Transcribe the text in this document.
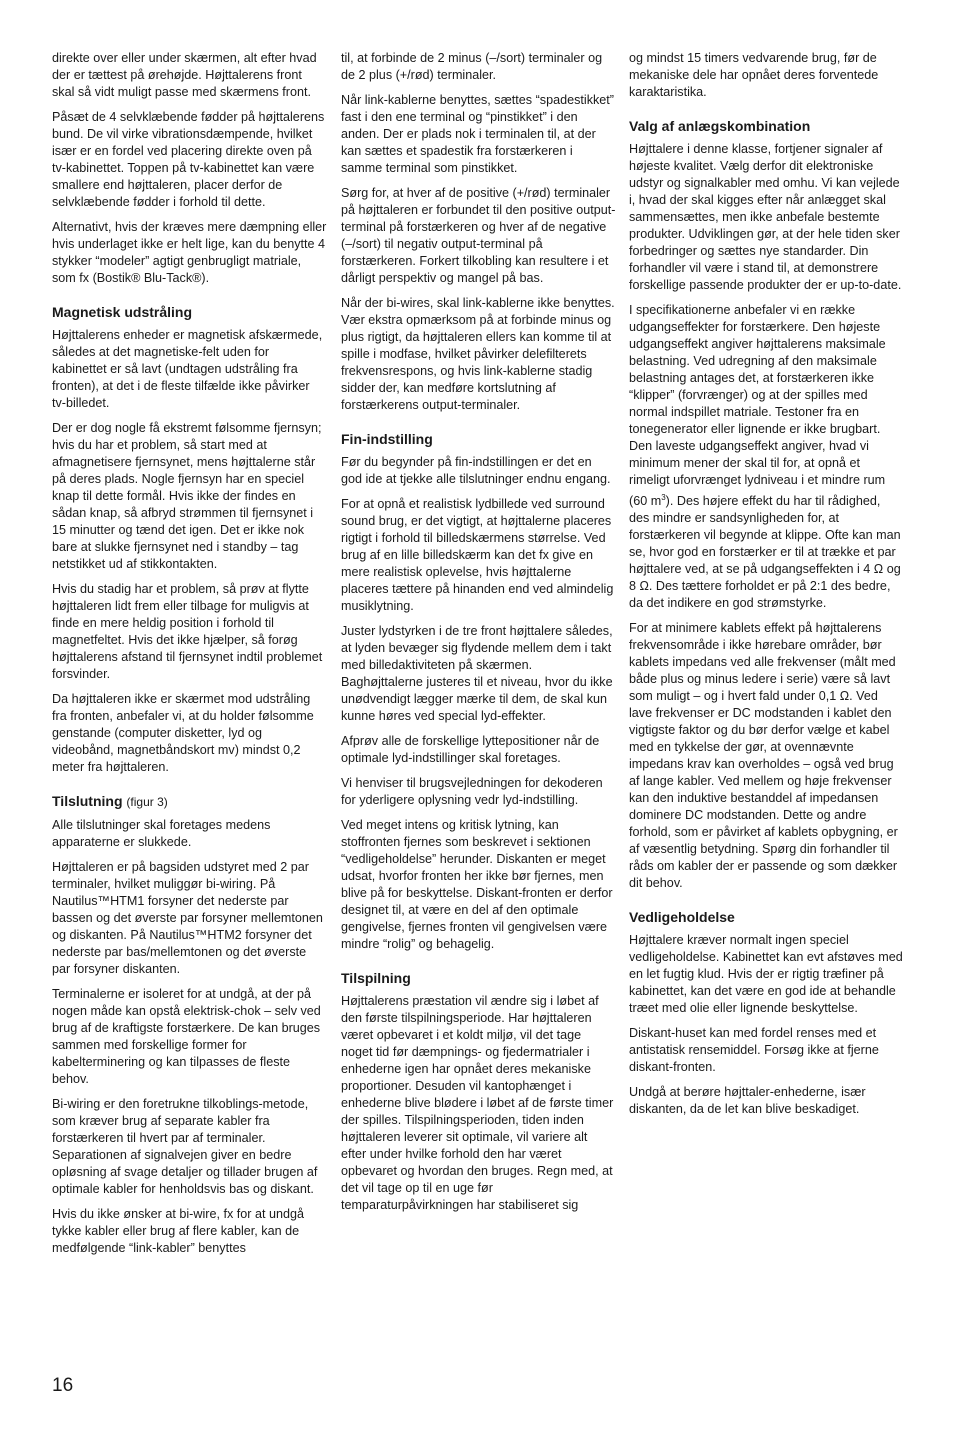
direkte over eller under skærmen, alt efter hvad der er tættest på ørehøjde. Højttalerens front skal så vidt muligt passe med skærmens front.

Påsæt de 4 selvklæbende fødder på højttalerens bund. De vil virke vibrationsdæmpende, hvilket især er en fordel ved placering direkte oven på tv-kabinettet. Toppen på tv-kabinettet kan være smallere end højttaleren, placer derfor de selvklæbende fødder i forhold til dette.

Alternativt, hvis der kræves mere dæmpning eller hvis underlaget ikke er helt lige, kan du benytte 4 stykker “modeler” agtigt genbrugligt matriale, som fx (Bostik® Blu-Tack®).

Magnetisk udstråling

Højttalerens enheder er magnetisk afskærmede, således at det magnetiske-felt uden for kabinettet er så lavt (undtagen udstråling fra fronten), at det i de fleste tilfælde ikke påvirker tv-billedet.

Der er dog nogle få ekstremt følsomme fjernsyn; hvis du har et problem, så start med at afmagnetisere fjernsynet, mens højttalerne står på deres plads. Nogle fjernsyn har en speciel knap til dette formål. Hvis ikke der findes en sådan knap, så afbryd strømmen til fjernsynet i 15 minutter og tænd det igen. Det er ikke nok bare at slukke fjernsynet ned i standby – tag netstikket ud af stikkontakten.

Hvis du stadig har et problem, så prøv at flytte højttaleren lidt frem eller tilbage for muligvis at finde en mere heldig position i forhold til magnetfeltet. Hvis det ikke hjælper, så forøg højttalerens afstand til fjernsynet indtil problemet forsvinder.

Da højttaleren ikke er skærmet mod udstråling fra fronten, anbefaler vi, at du holder følsomme genstande (computer disketter, lyd og videobånd, magnetbåndskort mv) mindst 0,2 meter fra højttaleren.

Tilslutning (figur 3)

Alle tilslutninger skal foretages medens apparaterne er slukkede.

Højttaleren er på bagsiden udstyret med 2 par terminaler, hvilket muliggør bi-wiring. På Nautilus™HTM1 forsyner det nederste par bassen og det øverste par forsyner mellemtonen og diskanten. På Nautilus™HTM2 forsyner det nederste par bas/mellemtonen og det øverste par forsyner diskanten.

Terminalerne er isoleret for at undgå, at der på nogen måde kan opstå elektrisk-chok – selv ved brug af de kraftigste forstærkere. De kan bruges sammen med forskellige former for kabelterminering og kan tilpasses de fleste behov.

Bi-wiring er den foretrukne tilkoblings-metode, som kræver brug af separate kabler fra forstærkeren til hvert par af terminaler. Separationen af signalvejen giver en bedre opløsning af svage detaljer og tillader brugen af optimale kabler for henholdsvis bas og diskant.

Hvis du ikke ønsker at bi-wire, fx for at undgå tykke kabler eller brug af flere kabler, kan de medfølgende “link-kabler” benyttes

til, at forbinde de 2 minus (–/sort) terminaler og de 2 plus (+/rød) terminaler.

Når link-kablerne benyttes, sættes “spadestikket” fast i den ene terminal og “pinstikket” i den anden. Der er plads nok i terminalen til, at der kan sættes et spadestik fra forstærkeren i samme terminal som pinstikket.

Sørg for, at hver af de positive (+/rød) terminaler på højttaleren er forbundet til den positive output-terminal på forstærkeren og hver af de negative (–/sort) til negativ output-terminal på forstærkeren. Forkert tilkobling kan resultere i et dårligt perspektiv og mangel på bas.

Når der bi-wires, skal link-kablerne ikke benyttes. Vær ekstra opmærksom på at forbinde minus og plus rigtigt, da højttaleren ellers kan komme til at spille i modfase, hvilket påvirker delefilterets frekvensrespons, og hvis link-kablerne stadig sidder der, kan medføre kortslutning af forstærkerens output-terminaler.

Fin-indstilling

Før du begynder på fin-indstillingen er det en god ide at tjekke alle tilslutninger endnu engang.

For at opnå et realistisk lydbillede ved surround sound brug, er det vigtigt, at højttalerne placeres rigtigt i forhold til billedskærmens størrelse. Ved brug af en lille billedskærm kan det fx give en mere realistisk oplevelse, hvis højttalerne placeres tættere på hinanden end ved almindelig musiklytning.

Juster lydstyrken i de tre front højttalere således, at lyden bevæger sig flydende mellem dem i takt med billedaktiviteten på skærmen. Baghøjttalerne justeres til et niveau, hvor du ikke unødvendigt lægger mærke til dem, de skal kun kunne høres ved special lyd-effekter.

Afprøv alle de forskellige lyttepositioner når de optimale lyd-indstillinger skal foretages.

Vi henviser til brugsvejledningen for dekoderen for yderligere oplysning vedr lyd-indstilling.

Ved meget intens og kritisk lytning, kan stoffronten fjernes som beskrevet i sektionen “vedligeholdelse” herunder. Diskanten er meget udsat, hvorfor fronten her ikke bør fjernes, men blive på for beskyttelse. Diskant-fronten er derfor designet til, at være en del af den optimale gengivelse, fjernes fronten vil gengivelsen være mindre “rolig” og behagelig.

Tilspilning

Højttalerens præstation vil ændre sig i løbet af den første tilspilningsperiode. Har højttaleren været opbevaret i et koldt miljø, vil det tage noget tid før dæmpnings- og fjedermatrialer i enhederne igen har opnået deres mekaniske proportioner. Desuden vil kantophænget i enhederne blive blødere i løbet af de første timer der spilles. Tilspilningsperioden, tiden inden højttaleren leverer sit optimale, vil variere alt efter under hvilke forhold den har været opbevaret og hvordan den bruges. Regn med, at det vil tage op til en uge før temparaturpåvirkningen har stabiliseret sig

og mindst 15 timers vedvarende brug, før de mekaniske dele har opnået deres forventede karaktaristika.

Valg af anlægskombination

Højttalere i denne klasse, fortjener signaler af højeste kvalitet. Vælg derfor dit elektroniske udstyr og signalkabler med omhu. Vi kan vejlede i, hvad der skal kigges efter når anlægget skal sammensættes, men ikke anbefale bestemte produkter. Udviklingen gør, at der hele tiden sker forbedringer og sættes nye standarder. Din forhandler vil være i stand til, at demonstrere forskellige passende produkter der er up-to-date.

I specifikationerne anbefaler vi en række udgangseffekter for forstærkere. Den højeste udgangseffekt angiver højttalerens maksimale belastning. Ved udregning af den maksimale belastning antages det, at forstærkeren ikke “klipper” (forvrænger) og at der spilles med normal indspillet matriale. Testoner fra en tonegenerator eller lignende er ikke brugbart. Den laveste udgangseffekt angiver, hvad vi minimum mener der skal til for, at opnå et rimeligt uforvrænget lydniveau i et mindre rum (60 $m^3$). Des højere effekt du har til rådighed, des mindre er sandsynligheden for, at forstærkeren vil begynde at klippe. Ofte kan man se, hvor god en forstærker er til at trække et par højttalere ved, at se på udgangseffekten i 4 Ω og 8 Ω. Des tættere forholdet er på 2:1 des bedre, da det indikere en god strømstyrke.

For at minimere kablets effekt på højttalerens frekvensområde i ikke hørebare områder, bør kablets impedans ved alle frekvenser (målt med både plus og minus ledere i serie) være så lavt som muligt – og i hvert fald under 0,1 Ω. Ved lave frekvenser er DC modstanden i kablet den vigtigste faktor og du bør derfor vælge et kabel med en tykkelse der gør, at ovennævnte impedans krav kan overholdes – også ved brug af lange kabler. Ved mellem og høje frekvenser kan den induktive bestanddel af impedansen dominere DC modstanden. Dette og andre forhold, som er påvirket af kablets opbygning, er af væsentlig betydning. Spørg din forhandler til råds om kabler der er passende og som dækker dit behov.

Vedligeholdelse

Højttalere kræver normalt ingen speciel vedligeholdelse. Kabinettet kan evt afstøves med en let fugtig klud. Hvis der er rigtig træfiner på kabinettet, kan det være en god ide at behandle træet med olie eller lignende beskyttelse.

Diskant-huset kan med fordel renses med et antistatisk rensemiddel. Forsøg ikke at fjerne diskant-fronten.

Undgå at berøre højttaler-enhederne, især diskanten, da de let kan blive beskadiget.

16
